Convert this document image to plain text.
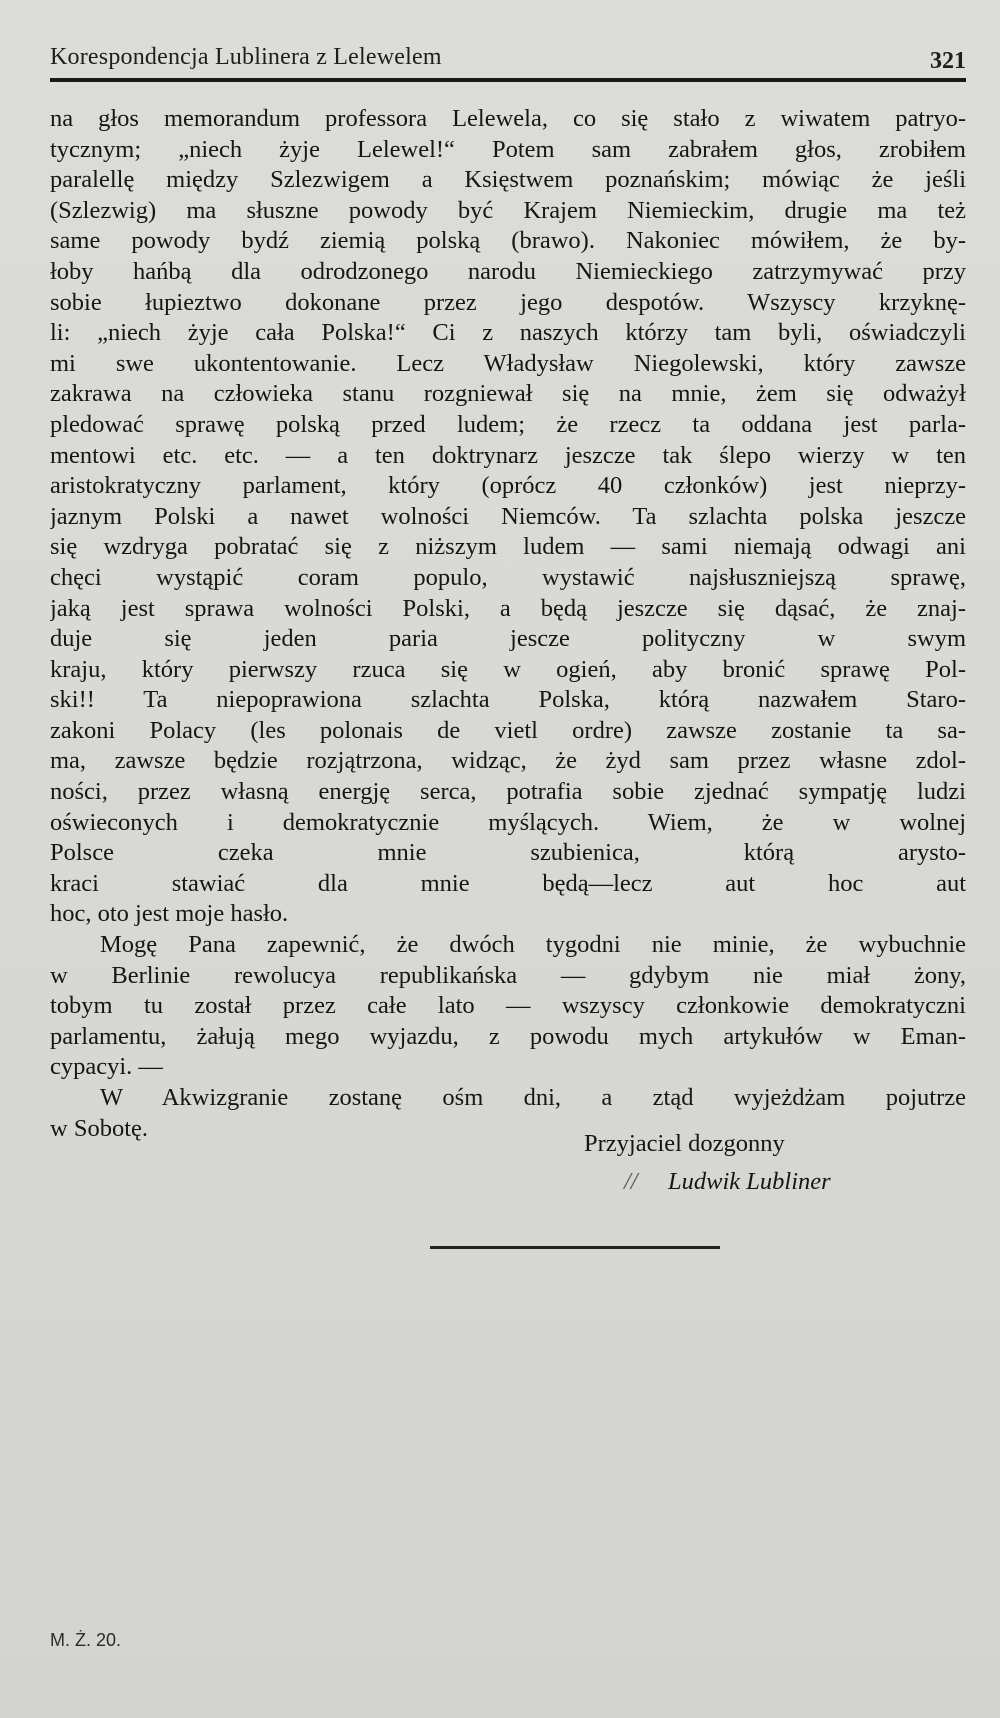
Korespondencja Lublinera z Lelewelem	321
na głos memorandum professora Lelewela, co się stało z wiwatem patryo-
tycznym; „niech żyje Lelewel!“ Potem sam zabrałem głos, zrobiłem
paralellę między Szlezwigem a Księstwem poznańskim; mówiąc że jeśli
(Szlezwig) ma słuszne powody być Krajem Niemieckim, drugie ma też
same powody bydź ziemią polską (brawo). Nakoniec mówiłem, że by-
łoby hańbą dla odrodzonego narodu Niemieckiego zatrzymywać przy
sobie łupieztwo dokonane przez jego despotów. Wszyscy krzyknę-
li: „niech żyje cała Polska!“ Ci z naszych którzy tam byli, oświadczyli
mi swe ukontentowanie. Lecz Władysław Niegolewski, który zawsze
zakrawa na człowieka stanu rozgniewał się na mnie, żem się odważył
pledować sprawę polską przed ludem; że rzecz ta oddana jest parla-
mentowi etc. etc. — a ten doktrynarz jeszcze tak ślepo wierzy w ten
aristokratyczny parlament, który (oprócz 40 członków) jest nieprzy-
jaznym Polski a nawet wolności Niemców. Ta szlachta polska jeszcze
się wzdryga pobratać się z niższym ludem — sami niemają odwagi ani
chęci wystąpić coram populo, wystawić najsłuszniejszą sprawę,
jaką jest sprawa wolności Polski, a będą jeszcze się dąsać, że znaj-
duje się jeden paria jescze polityczny w swym
kraju, który pierwszy rzuca się w ogień, aby bronić sprawę Pol-
ski!! Ta niepoprawiona szlachta Polska, którą nazwałem Staro-
zakoni Polacy (les polonais de vietl ordre) zawsze zostanie ta sa-
ma, zawsze będzie rozjątrzona, widząc, że żyd sam przez własne zdol-
ności, przez własną energję serca, potrafia sobie zjednać sympatję ludzi
oświeconych i demokratycznie myślących. Wiem, że w wolnej
Polsce czeka mnie szubienica, którą arysto-
kraci stawiać dla mnie będą—lecz aut hoc aut
hoc, oto jest moje hasło.
Mogę Pana zapewnić, że dwóch tygodni nie minie, że wybuchnie
w Berlinie rewolucya republikańska — gdybym nie miał żony,
tobym tu został przez całe lato — wszyscy członkowie demokratyczni
parlamentu, żałują mego wyjazdu, z powodu mych artykułów w Eman-
cypacyi. —
W Akwizgranie zostanę ośm dni, a ztąd wyjeżdżam pojutrze
w Sobotę.
Przyjaciel dozgonny
// Ludwik Lubliner

M. Ż. 20.
